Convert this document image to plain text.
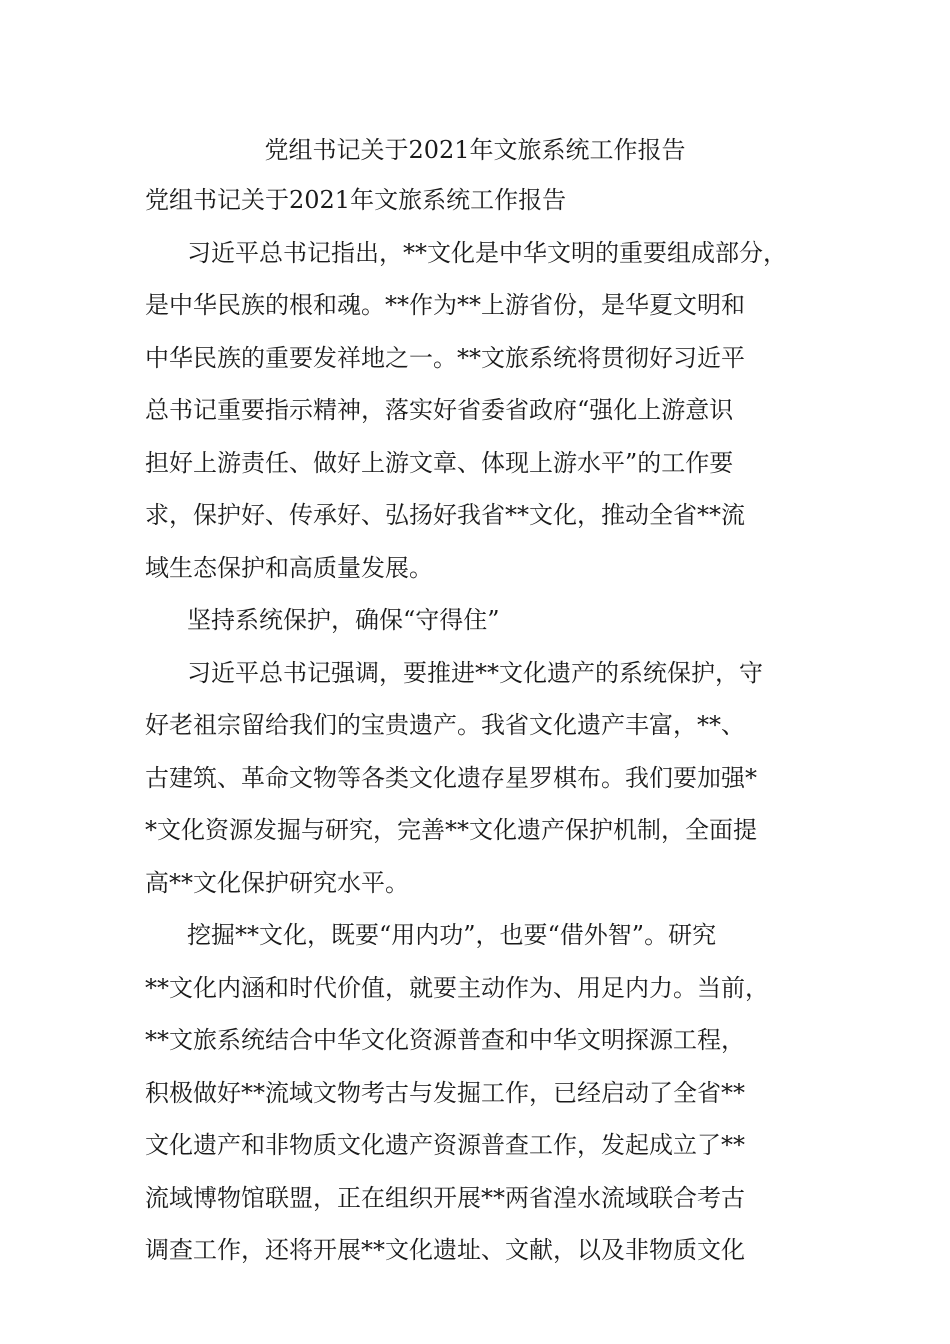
党组书记关于2021年文旅系统工作报告
党组书记关于2021年文旅系统工作报告
习近平总书记指出，**文化是中华文明的重要组成部分，
是中华民族的根和魂。**作为**上游省份，是华夏文明和
中华民族的重要发祥地之一。**文旅系统将贯彻好习近平
总书记重要指示精神，落实好省委省政府“强化上游意识
担好上游责任、做好上游文章、体现上游水平”的工作要
求，保护好、传承好、弘扬好我省**文化，推动全省**流
域生态保护和高质量发展。
坚持系统保护，确保“守得住”
习近平总书记强调，要推进**文化遗产的系统保护，守
好老祖宗留给我们的宝贵遗产。我省文化遗产丰富，**、
古建筑、革命文物等各类文化遗存星罗棋布。我们要加强*
*文化资源发掘与研究，完善**文化遗产保护机制，全面提
高**文化保护研究水平。
挖掘**文化，既要“用内功”，也要“借外智”。研究
**文化内涵和时代价值，就要主动作为、用足内力。当前，
**文旅系统结合中华文化资源普查和中华文明探源工程，
积极做好**流域文物考古与发掘工作，已经启动了全省**
文化遗产和非物质文化遗产资源普查工作，发起成立了**
流域博物馆联盟，正在组织开展**两省湟水流域联合考古
调查工作，还将开展**文化遗址、文献，以及非物质文化
